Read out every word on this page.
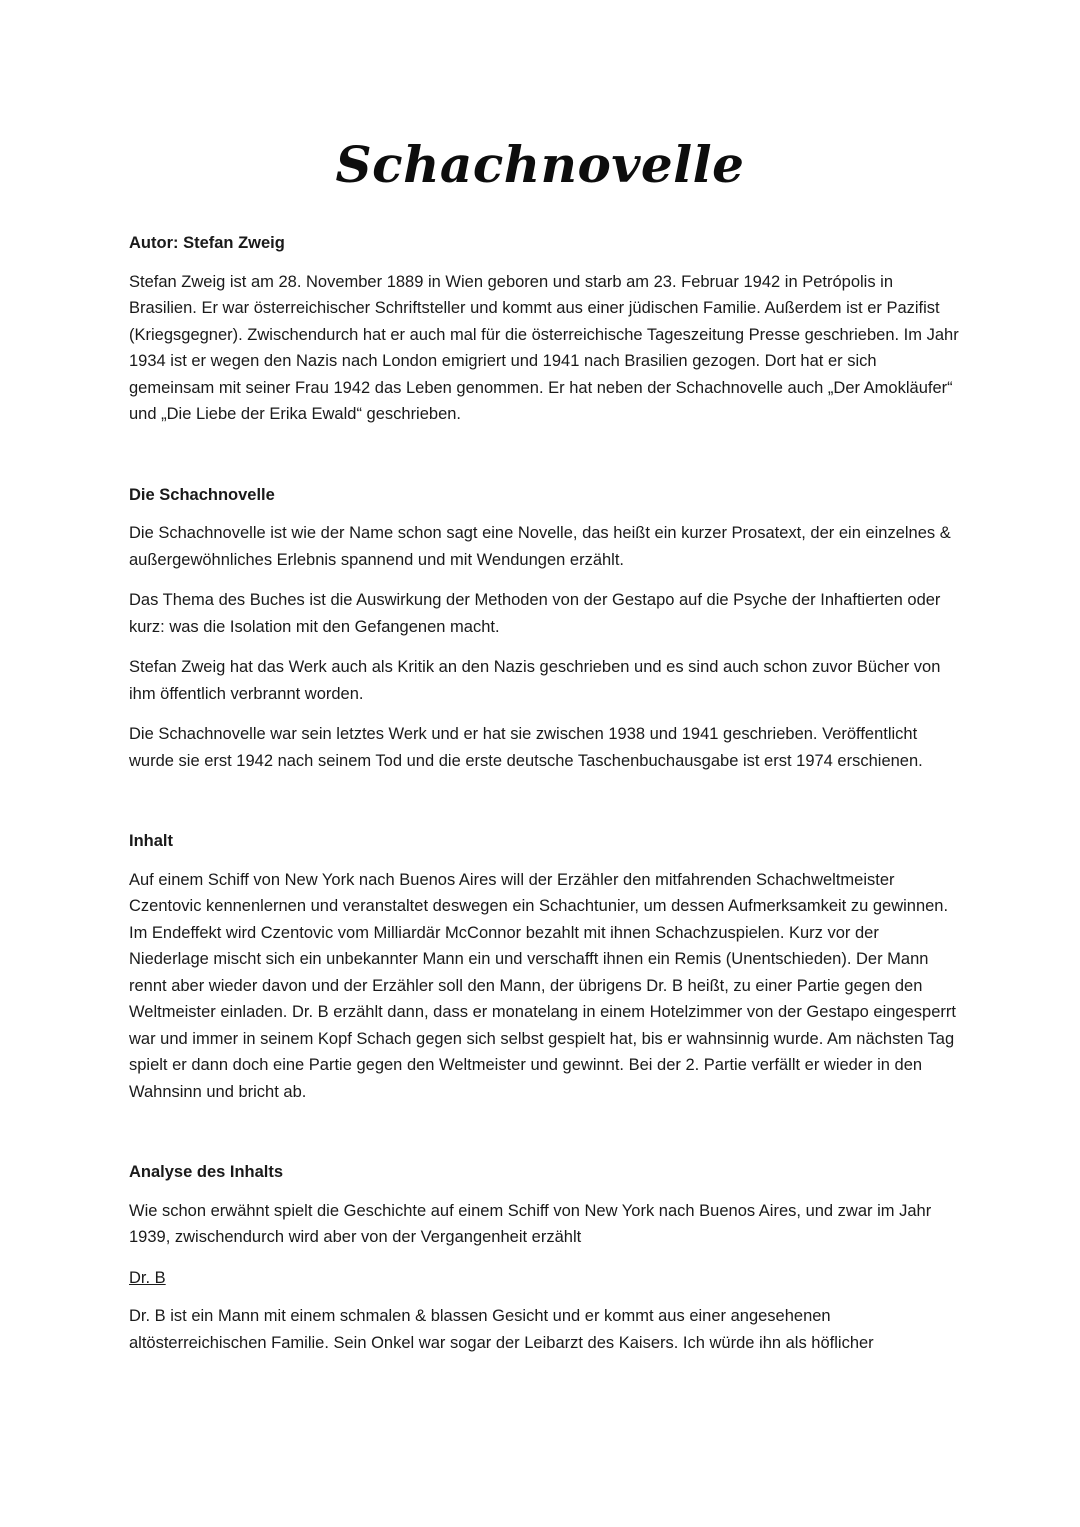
Schachnovelle
Autor: Stefan Zweig

Stefan Zweig ist am 28. November 1889 in Wien geboren und starb am 23. Februar 1942 in Petrópolis in Brasilien. Er war österreichischer Schriftsteller und kommt aus einer jüdischen Familie. Außerdem ist er Pazifist (Kriegsgegner). Zwischendurch hat er auch mal für die österreichische Tageszeitung Presse geschrieben. Im Jahr 1934 ist er wegen den Nazis nach London emigriert und 1941 nach Brasilien gezogen. Dort hat er sich gemeinsam mit seiner Frau 1942 das Leben genommen. Er hat neben der Schachnovelle auch „Der Amokläufer“ und „Die Liebe der Erika Ewald“ geschrieben.

Die Schachnovelle

Die Schachnovelle ist wie der Name schon sagt eine Novelle, das heißt ein kurzer Prosatext, der ein einzelnes & außergewöhnliches Erlebnis spannend und mit Wendungen erzählt.

Das Thema des Buches ist die Auswirkung der Methoden von der Gestapo auf die Psyche der Inhaftierten oder kurz: was die Isolation mit den Gefangenen macht.

Stefan Zweig hat das Werk auch als Kritik an den Nazis geschrieben und es sind auch schon zuvor Bücher von ihm öffentlich verbrannt worden.

Die Schachnovelle war sein letztes Werk und er hat sie zwischen 1938 und 1941 geschrieben. Veröffentlicht wurde sie erst 1942 nach seinem Tod und die erste deutsche Taschenbuchausgabe ist erst 1974 erschienen.

Inhalt

Auf einem Schiff von New York nach Buenos Aires will der Erzähler den mitfahrenden Schachweltmeister Czentovic kennenlernen und veranstaltet deswegen ein Schachtunier, um dessen Aufmerksamkeit zu gewinnen. Im Endeffekt wird Czentovic vom Milliardär McConnor bezahlt mit ihnen Schachzuspielen. Kurz vor der Niederlage mischt sich ein unbekannter Mann ein und verschafft ihnen ein Remis (Unentschieden). Der Mann rennt aber wieder davon und der Erzähler soll den Mann, der übrigens Dr. B heißt, zu einer Partie gegen den Weltmeister einladen. Dr. B erzählt dann, dass er monatelang in einem Hotelzimmer von der Gestapo eingesperrt war und immer in seinem Kopf Schach gegen sich selbst gespielt hat, bis er wahnsinnig wurde. Am nächsten Tag spielt er dann doch eine Partie gegen den Weltmeister und gewinnt. Bei der 2. Partie verfällt er wieder in den Wahnsinn und bricht ab.

Analyse des Inhalts

Wie schon erwähnt spielt die Geschichte auf einem Schiff von New York nach Buenos Aires, und zwar im Jahr 1939, zwischendurch wird aber von der Vergangenheit erzählt

Dr. B

Dr. B ist ein Mann mit einem schmalen & blassen Gesicht und er kommt aus einer angesehenen altösterreichischen Familie. Sein Onkel war sogar der Leibarzt des Kaisers. Ich würde ihn als höflicher
